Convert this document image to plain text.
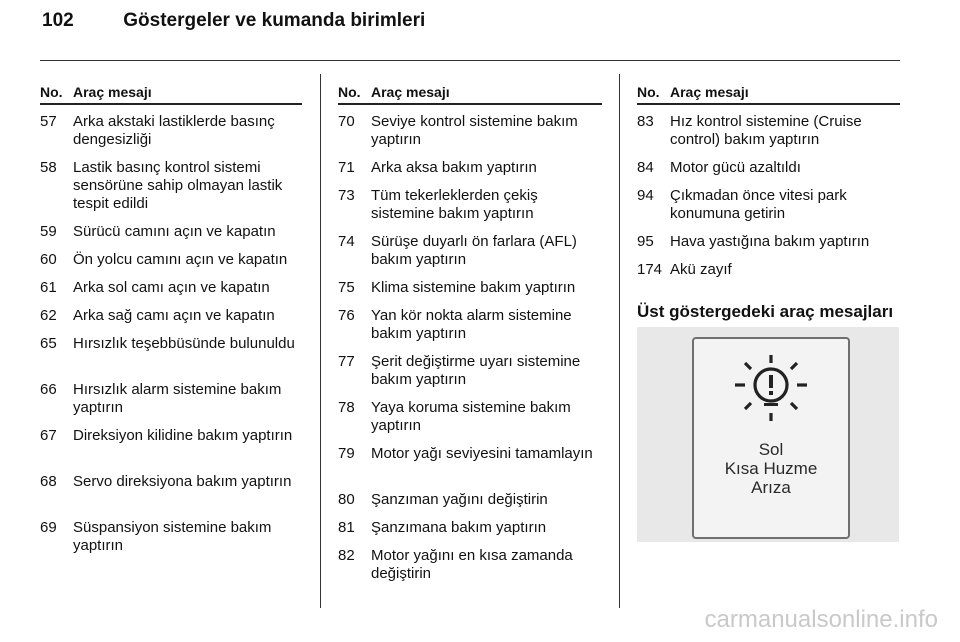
102	Göstergeler ve kumanda birimleri
No. Araç mesajı
57	Arka akstaki lastiklerde basınç dengesizliği
58	Lastik basınç kontrol sistemi sensörüne sahip olmayan lastik tespit edildi
59	Sürücü camını açın ve kapatın
60	Ön yolcu camını açın ve kapatın
61	Arka sol camı açın ve kapatın
62	Arka sağ camı açın ve kapatın
65	Hırsızlık teşebbüsünde bulunuldu
66	Hırsızlık alarm sistemine bakım yaptırın
67	Direksiyon kilidine bakım yaptırın
68	Servo direksiyona bakım yaptırın
69	Süspansiyon sistemine bakım yaptırın
No. Araç mesajı
70	Seviye kontrol sistemine bakım yaptırın
71	Arka aksa bakım yaptırın
73	Tüm tekerleklerden çekiş sistemine bakım yaptırın
74	Sürüşe duyarlı ön farlara (AFL) bakım yaptırın
75	Klima sistemine bakım yaptırın
76	Yan kör nokta alarm sistemine bakım yaptırın
77	Şerit değiştirme uyarı sistemine bakım yaptırın
78	Yaya koruma sistemine bakım yaptırın
79	Motor yağı seviyesini tamamlayın
80	Şanzıman yağını değiştirin
81	Şanzımana bakım yaptırın
82	Motor yağını en kısa zamanda değiştirin
No. Araç mesajı
83	Hız kontrol sistemine (Cruise control) bakım yaptırın
84	Motor gücü azaltıldı
94	Çıkmadan önce vitesi park konumuna getirin
95	Hava yastığına bakım yaptırın
174 Akü zayıf
Üst göstergedeki araç mesajları
Sol
Kısa Huzme
Arıza
carmanualsonline.info
